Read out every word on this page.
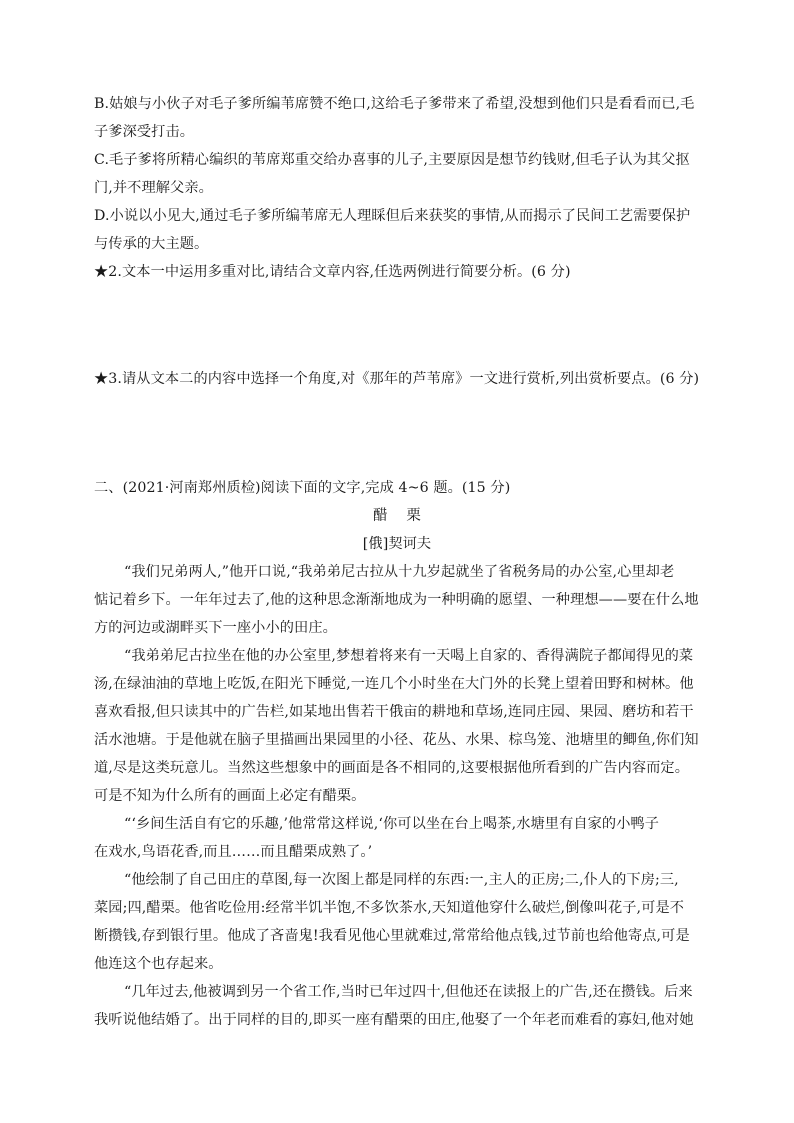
B.姑娘与小伙子对毛子爹所编苇席赞不绝口,这给毛子爹带来了希望,没想到他们只是看看而已,毛
子爹深受打击。
C.毛子爹将所精心编织的苇席郑重交给办喜事的儿子,主要原因是想节约钱财,但毛子认为其父抠
门,并不理解父亲。
D.小说以小见大,通过毛子爹所编苇席无人理睬但后来获奖的事情,从而揭示了民间工艺需要保护
与传承的大主题。
★2.文本一中运用多重对比,请结合文章内容,任选两例进行简要分析。(6 分)
★3.请从文本二的内容中选择一个角度,对《那年的芦苇席》一文进行赏析,列出赏析要点。(6 分)
二、(2021·河南郑州质检)阅读下面的文字,完成 4~6 题。(15 分)
醋    栗
[俄]契诃夫
“我们兄弟两人,”他开口说,“我弟弟尼古拉从十九岁起就坐了省税务局的办公室,心里却老
惦记着乡下。一年年过去了,他的这种思念渐渐地成为一种明确的愿望、一种理想——要在什么地
方的河边或湖畔买下一座小小的田庄。
“我弟弟尼古拉坐在他的办公室里,梦想着将来有一天喝上自家的、香得满院子都闻得见的菜
汤,在绿油油的草地上吃饭,在阳光下睡觉,一连几个小时坐在大门外的长凳上望着田野和树林。他
喜欢看报,但只读其中的广告栏,如某地出售若干俄亩的耕地和草场,连同庄园、果园、磨坊和若干
活水池塘。于是他就在脑子里描画出果园里的小径、花丛、水果、棕鸟笼、池塘里的鲫鱼,你们知
道,尽是这类玩意儿。当然这些想象中的画面是各不相同的,这要根据他所看到的广告内容而定。
可是不知为什么所有的画面上必定有醋栗。
“‘乡间生活自有它的乐趣,’他常常这样说,‘你可以坐在台上喝茶,水塘里有自家的小鸭子
在戏水,鸟语花香,而且……而且醋栗成熟了。’
“他绘制了自己田庄的草图,每一次图上都是同样的东西:一,主人的正房;二,仆人的下房;三,
菜园;四,醋栗。他省吃俭用:经常半饥半饱,不多饮茶水,天知道他穿什么破烂,倒像叫花子,可是不
断攒钱,存到银行里。他成了吝啬鬼!我看见他心里就难过,常常给他点钱,过节前也给他寄点,可是
他连这个也存起来。
“几年过去,他被调到另一个省工作,当时已年过四十,但他还在读报上的广告,还在攒钱。后来
我听说他结婚了。出于同样的目的,即买一座有醋栗的田庄,他娶了一个年老而难看的寡妇,他对她
